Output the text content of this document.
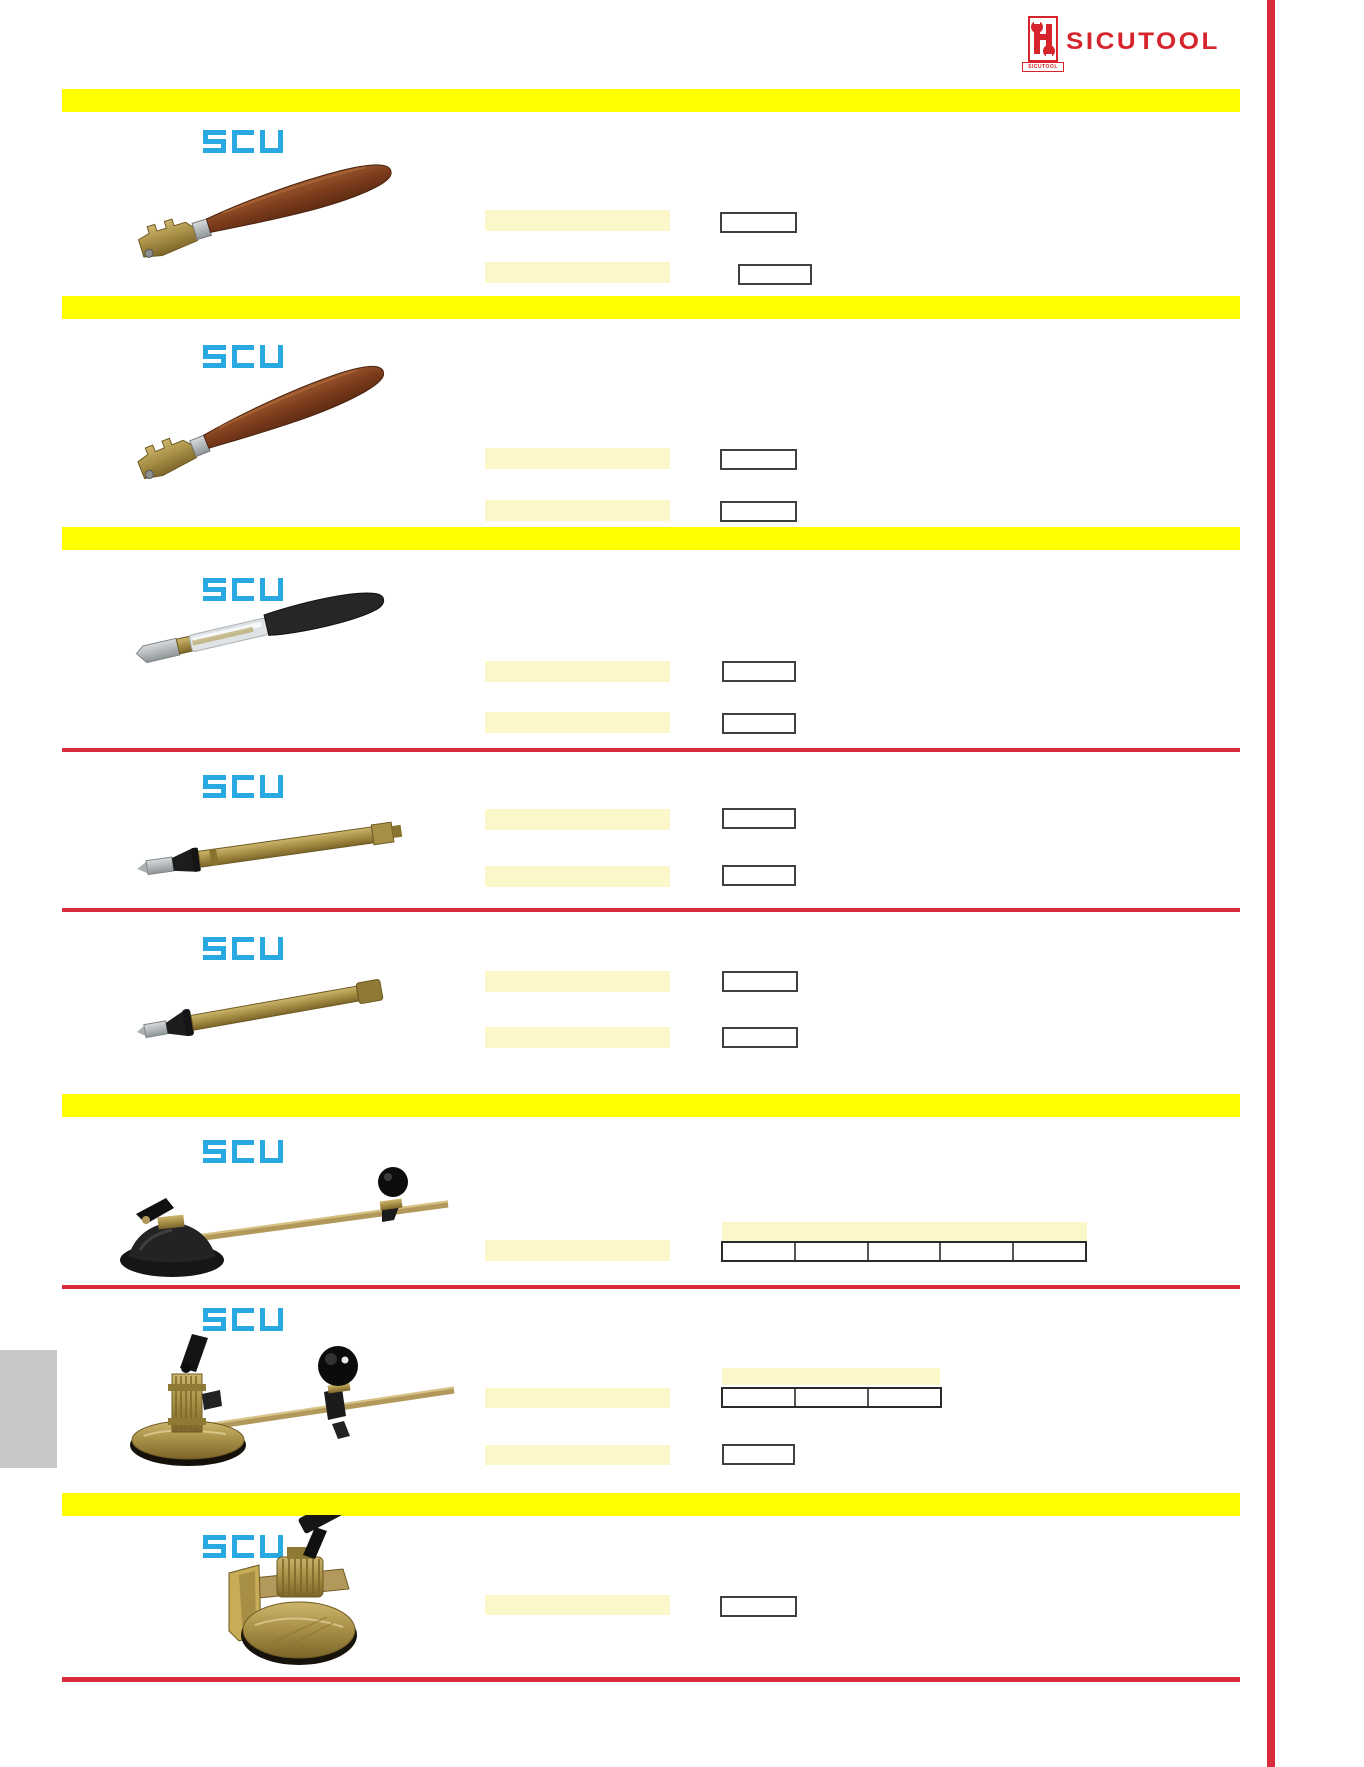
SICUTOOL
SICUTOOL
